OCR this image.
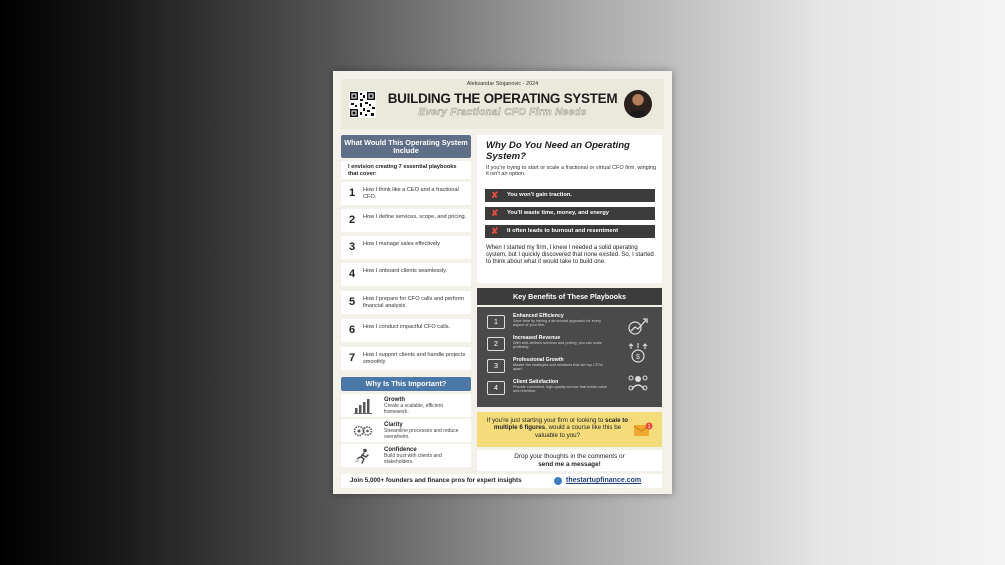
Aleksandar Stojanovic - 2024
BUILDING THE OPERATING SYSTEM
Every Fractional CFO Firm Needs
What Would This Operating System Include
I envision creating 7 essential playbooks that cover:
1 How I think like a CEO and a fractional CFO.
2 How I define services, scope, and pricing.
3 How I manage sales effectively
4 How I onboard clients seamlessly.
5 How I prepare for CFO calls and perform financial analysis
6 How I conduct impactful CFO calls.
7 How I support clients and handle projects smoothly
Why Is This Important?
Growth
Create a scalable, efficient framework.
Clarity
Streamline processes and reduce overwhelm.
Confidence
Build trust with clients and stakeholders.
Why Do You Need an Operating System?
If you're trying to start or scale a fractional or virtual CFO firm, winging it isn't an option.
✘ You won't gain traction.
✘ You'll waste time, money, and energy
✘ It often leads to burnout and resentment
When I started my firm, I knew I needed a solid operating system, but I quickly discovered that none existed. So, I started to think about what it would take to build one.
Key Benefits of These Playbooks
1
Enhanced Efficiency
Save time by having a structured approach for every aspect of your firm.
2
Increased Revenue
With well-defined services and pricing, you can scale profitably.
3
Professional Growth
Master the strategies and mindsets that set top CFOs apart.
4
Client Satisfaction
Provide consistent, high-quality service that builds value and retention.
$
If you're just starting your firm or looking to scale to multiple 6 figures, would a course like this be valuable to you?
1
Drop your thoughts in the comments or
send me a message!
Join 5,000+ founders and finance pros for expert insights	thestartupfinance.com
